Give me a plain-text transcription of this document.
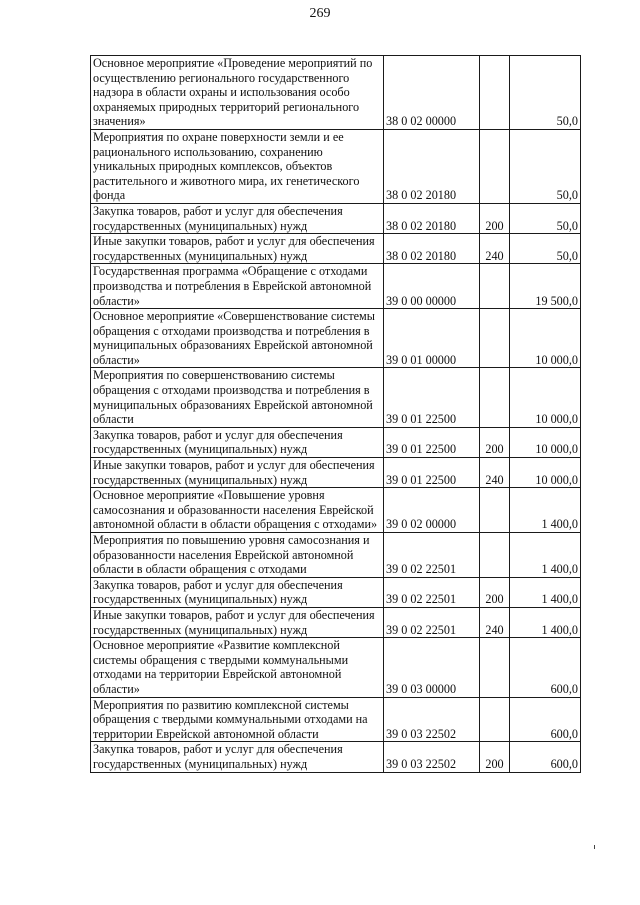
269
Основное мероприятие «Проведение мероприятий по осуществлению регионального государственного надзора в области охраны и использования особо охраняемых природных территорий регионального значения»	38 0 02 00000		50,0
Мероприятия по охране поверхности земли и ее рационального использованию, сохранению уникальных природных комплексов, объектов растительного и животного мира, их генетического фонда	38 0 02 20180		50,0
Закупка товаров, работ и услуг для обеспечения государственных (муниципальных) нужд	38 0 02 20180	200	50,0
Иные закупки товаров, работ и услуг для обеспечения государственных (муниципальных) нужд	38 0 02 20180	240	50,0
Государственная программа «Обращение с отходами производства и потребления в Еврейской автономной области»	39 0 00 00000		19 500,0
Основное мероприятие «Совершенствование системы обращения с отходами производства и потребления в муниципальных образованиях Еврейской автономной области»	39 0 01 00000		10 000,0
Мероприятия по совершенствованию системы обращения с отходами производства и потребления в муниципальных образованиях Еврейской автономной области	39 0 01 22500		10 000,0
Закупка товаров, работ и услуг для обеспечения государственных (муниципальных) нужд	39 0 01 22500	200	10 000,0
Иные закупки товаров, работ и услуг для обеспечения государственных (муниципальных) нужд	39 0 01 22500	240	10 000,0
Основное мероприятие «Повышение уровня самосознания и образованности населения Еврейской автономной области в области обращения с отходами»	39 0 02 00000		1 400,0
Мероприятия по повышению уровня самосознания и образованности населения Еврейской автономной области в области обращения с отходами	39 0 02 22501		1 400,0
Закупка товаров, работ и услуг для обеспечения государственных (муниципальных) нужд	39 0 02 22501	200	1 400,0
Иные закупки товаров, работ и услуг для обеспечения государственных (муниципальных) нужд	39 0 02 22501	240	1 400,0
Основное мероприятие «Развитие комплексной системы обращения с твердыми коммунальными отходами на территории Еврейской автономной области»	39 0 03 00000		600,0
Мероприятия по развитию комплексной системы обращения с твердыми коммунальными отходами на территории Еврейской автономной области	39 0 03 22502		600,0
Закупка товаров, работ и услуг для обеспечения государственных (муниципальных) нужд	39 0 03 22502	200	600,0
